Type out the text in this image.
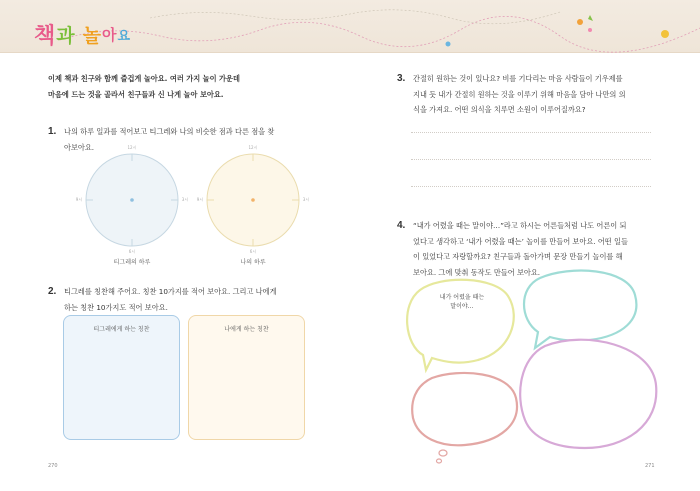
책 과 놀 아 요
이제 책과 친구와 함께 즐겁게 놀아요. 여러 가지 놀이 가운데
마음에 드는 것을 골라서 친구들과 신 나게 놀아 보아요.
1. 나의 하루 일과를 적어보고 티그레와 나의 비슷한 점과 다른 점을 찾
아보아요.	12시
3시
6시
9시
12시
3시
6시
9시
티그레의 하루	나의 하루
2. 티그레를 칭찬해 주어요. 칭찬 10가지를 적어 보아요. 그리고 나에게
하는 칭찬 10가지도 적어 보아요.
티그레에게 하는 칭찬	나에게 하는 칭찬
270
3. 간절히 원하는 것이 있나요? 비를 기다리는 마음 사람들이 기우제를
지내 듯 내가 간절히 원하는 것을 이루기 위해 마음을 담아 나만의 의
식을 가져요. 어떤 의식을 치루면 소원이 이루어질까요?
4. “내가 어렸을 때는 말이야…”라고 하시는 어른들처럼 나도 어른이 되
었다고 생각하고 ‘내가 어렸을 때는’ 놀이를 만들어 보아요. 어떤 일들
이 있었다고 자랑할까요? 친구들과 돌아가며 문장 만들기 놀이를 해
보아요. 그에 맞춰 동작도 만들어 보아요.
내가 어렸을 때는
말이야…
271
